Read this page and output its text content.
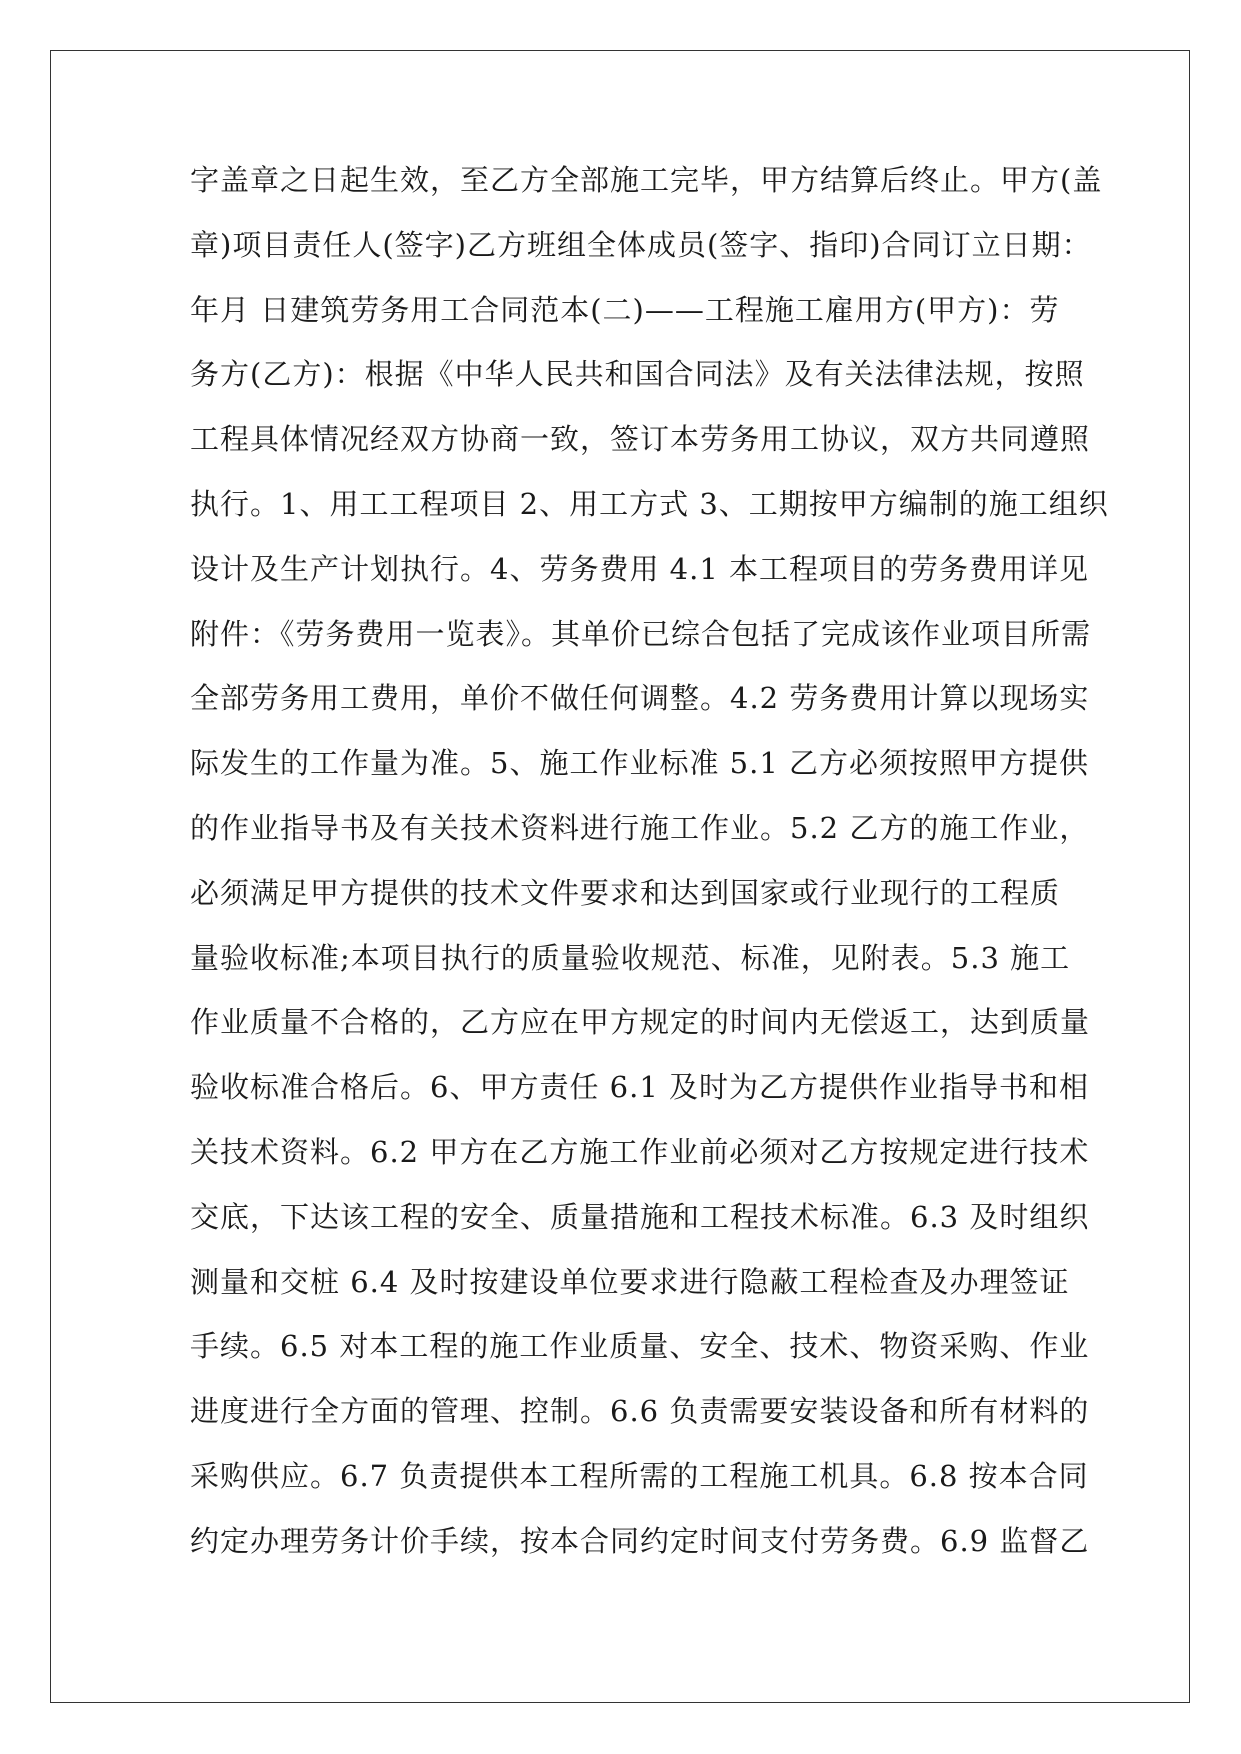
字盖章之日起生效，至乙方全部施工完毕，甲方结算后终止。甲方(盖
章)项目责任人(签字)乙方班组全体成员(签字、指印)合同订立日期：
年月 日建筑劳务用工合同范本(二)——工程施工雇用方(甲方)：劳
务方(乙方)：根据《中华人民共和国合同法》及有关法律法规，按照
工程具体情况经双方协商一致，签订本劳务用工协议，双方共同遵照
执行。1、用工工程项目 2、用工方式 3、工期按甲方编制的施工组织
设计及生产计划执行。4、劳务费用 4.1 本工程项目的劳务费用详见
附件：《劳务费用一览表》。其单价已综合包括了完成该作业项目所需
全部劳务用工费用，单价不做任何调整。4.2 劳务费用计算以现场实
际发生的工作量为准。5、施工作业标准 5.1 乙方必须按照甲方提供
的作业指导书及有关技术资料进行施工作业。5.2 乙方的施工作业，
必须满足甲方提供的技术文件要求和达到国家或行业现行的工程质
量验收标准;本项目执行的质量验收规范、标准，见附表。5.3 施工
作业质量不合格的，乙方应在甲方规定的时间内无偿返工，达到质量
验收标准合格后。6、甲方责任 6.1 及时为乙方提供作业指导书和相
关技术资料。6.2 甲方在乙方施工作业前必须对乙方按规定进行技术
交底，下达该工程的安全、质量措施和工程技术标准。6.3 及时组织
测量和交桩 6.4 及时按建设单位要求进行隐蔽工程检查及办理签证
手续。6.5 对本工程的施工作业质量、安全、技术、物资采购、作业
进度进行全方面的管理、控制。6.6 负责需要安装设备和所有材料的
采购供应。6.7 负责提供本工程所需的工程施工机具。6.8 按本合同
约定办理劳务计价手续，按本合同约定时间支付劳务费。6.9 监督乙
